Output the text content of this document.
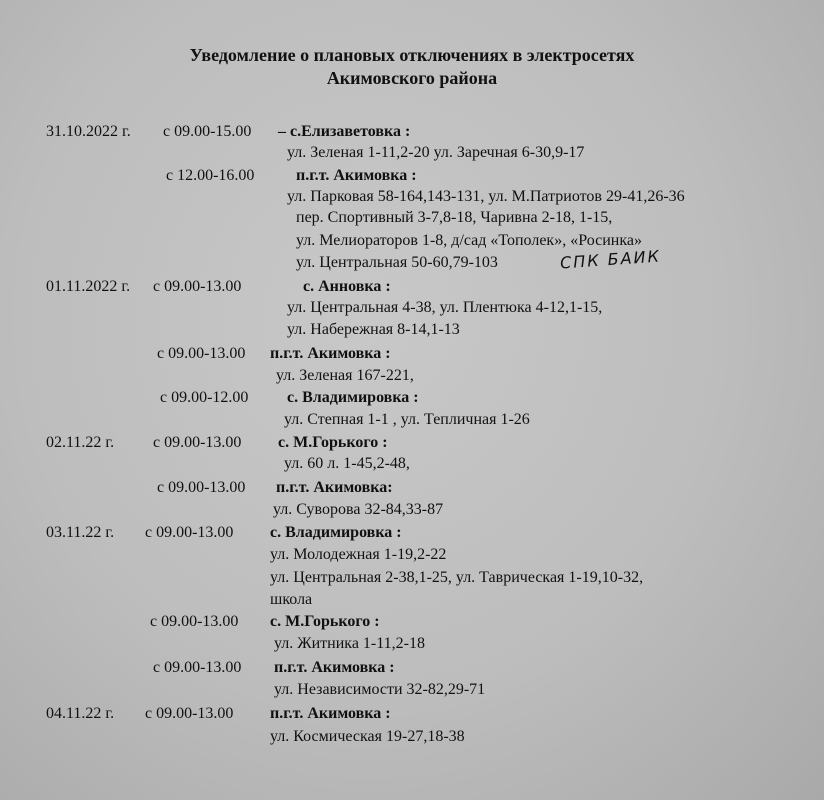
Уведомление о плановых отключениях в электросетях
Акимовского района
31.10.2022 г. с 09.00-15.00 – с.Елизаветовка :
ул. Зеленая 1-11,2-20 ул. Заречная 6-30,9-17
с 12.00-16.00	п.г.т. Акимовка :
ул. Парковая 58-164,143-131, ул. М.Патриотов 29-41,26-36
пер. Спортивный 3-7,8-18, Чаривна 2-18, 1-15,
ул. Мелиораторов 1-8, д/сад «Тополек», «Росинка»
ул. Центральная 50-60,79-103	СПК БАИК
01.11.2022 г. с 09.00-13.00	с. Анновка :
ул. Центральная 4-38, ул. Плентюка 4-12,1-15,
ул. Набережная 8-14,1-13
с 09.00-13.00 п.г.т. Акимовка :
ул. Зеленая 167-221,
с 09.00-12.00 с. Владимировка :
ул. Степная 1-1 , ул. Тепличная 1-26
02.11.22 г. с 09.00-13.00 с. М.Горького :
ул. 60 л. 1-45,2-48,
с 09.00-13.00 п.г.т. Акимовка:
ул. Суворова 32-84,33-87
03.11.22 г. с 09.00-13.00 с. Владимировка :
ул. Молодежная 1-19,2-22
ул. Центральная 2-38,1-25, ул. Таврическая 1-19,10-32,
школа
с 09.00-13.00 с. М.Горького :
ул. Житника 1-11,2-18
с 09.00-13.00 п.г.т. Акимовка :
ул. Независимости 32-82,29-71
04.11.22 г. с 09.00-13.00 п.г.т. Акимовка :
ул. Космическая 19-27,18-38
